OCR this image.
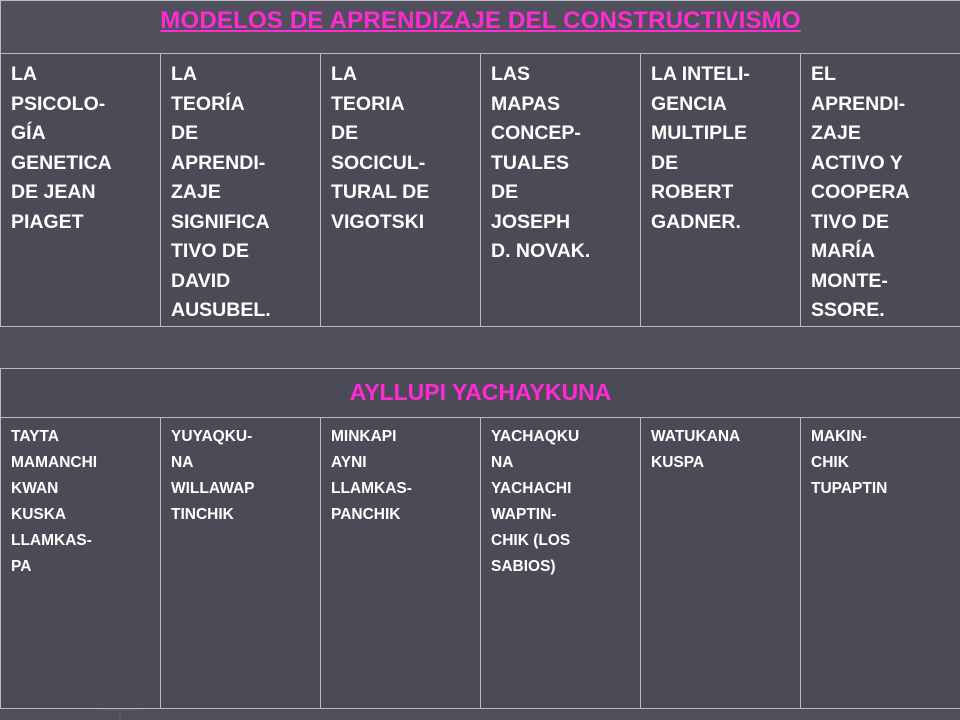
MODELOS DE APRENDIZAJE DEL CONSTRUCTIVISMO

LA
PSICOLO-
GÍA
GENETICA
DE JEAN
PIAGET

LA
TEORÍA
DE
APRENDI-
ZAJE
SIGNIFICA
TIVO DE
DAVID
AUSUBEL.

LA
TEORIA
DE
SOCICUL-
TURAL DE
VIGOTSKI

LAS
MAPAS
CONCEP-
TUALES
DE
JOSEPH
D. NOVAK.

LA INTELI-
GENCIA
MULTIPLE
DE
ROBERT
GADNER.

EL
APRENDI-
ZAJE
ACTIVO Y
COOPERA
TIVO DE
MARÍA
MONTE-
SSORE.
AYLLUPI YACHAYKUNA

TAYTA
MAMANCHI
KWAN
KUSKA
LLAMKAS-
PA

YUYAQKU-
NA
WILLAWAP
TINCHIK

MINKAPI
AYNI
LLAMKAS-
PANCHIK

YACHAQKU
NA
YACHACHI
WAPTIN-
CHIK (LOS
SABIOS)

WATUKANA
KUSPA

MAKIN-
CHIK
TUPAPTIN
